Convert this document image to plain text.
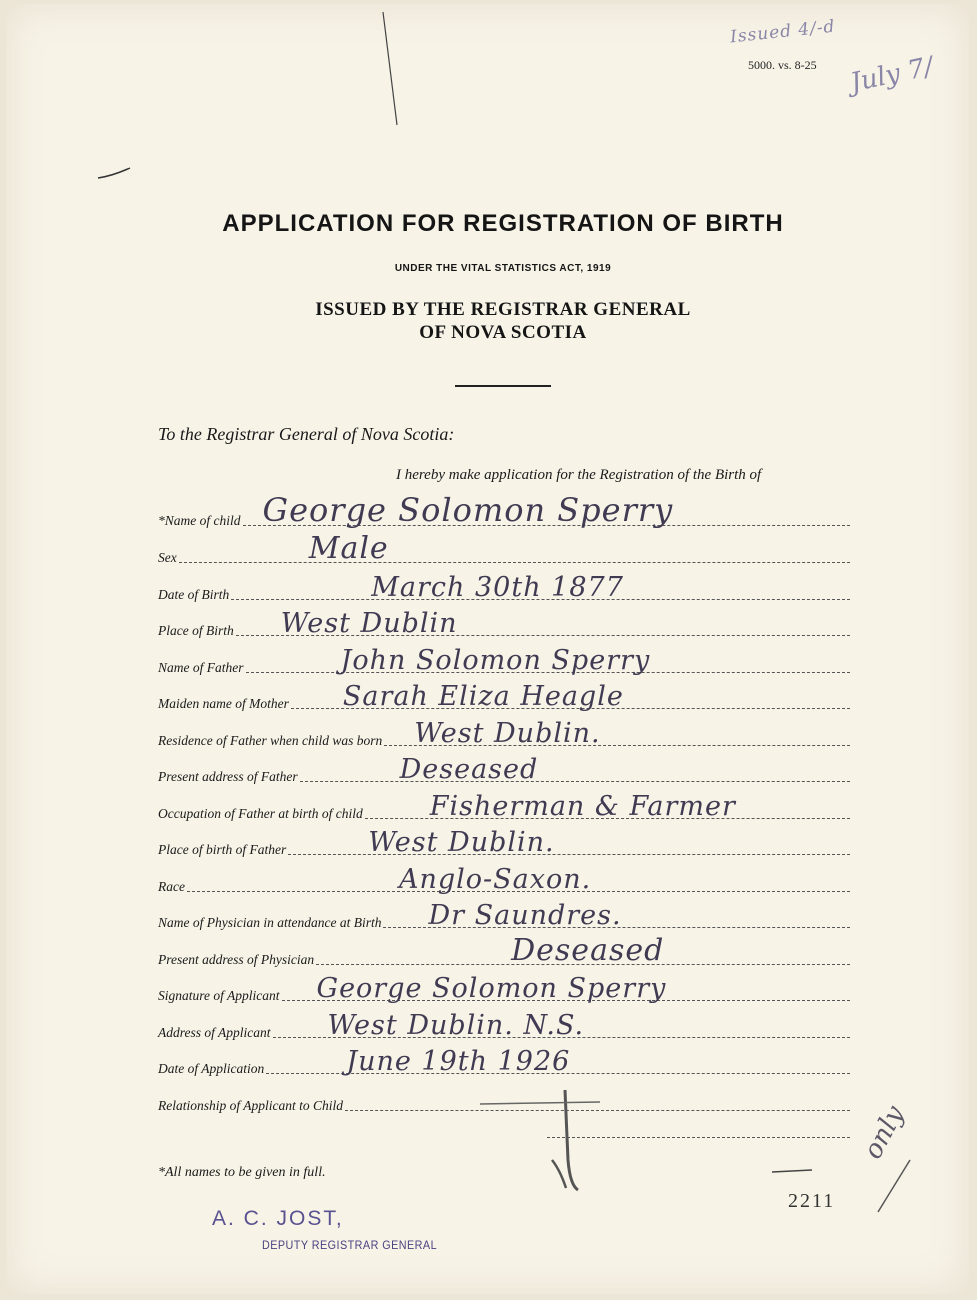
Issued 4/-d
July 7/
5000. vs. 8-25
APPLICATION FOR REGISTRATION OF BIRTH
UNDER THE VITAL STATISTICS ACT, 1919
ISSUED BY THE REGISTRAR GENERAL
OF NOVA SCOTIA
To the Registrar General of Nova Scotia:
I hereby make application for the Registration of the Birth of
*Name of child George Solomon Sperry
Sex	Male
Date of Birth	March 30th 1877
Place of Birth West Dublin
Name of Father	John Solomon Sperry
Maiden name of Mother Sarah Eliza Heagle
Residence of Father when child was born West Dublin.
Present address of Father	Deseased
Occupation of Father at birth of child Fisherman & Farmer
Place of birth of Father	West Dublin.
Race	Anglo-Saxon.
Name of Physician in attendance at Birth Dr Saundres.
Present address of Physician	Deseased
Signature of Applicant George Solomon Sperry
Address of Applicant West Dublin. N.S.
Date of Application	June 19th 1926
Relationship of Applicant to Child
*All names to be given in full.
A. C. JOST,
DEPUTY REGISTRAR GENERAL
2211
only
